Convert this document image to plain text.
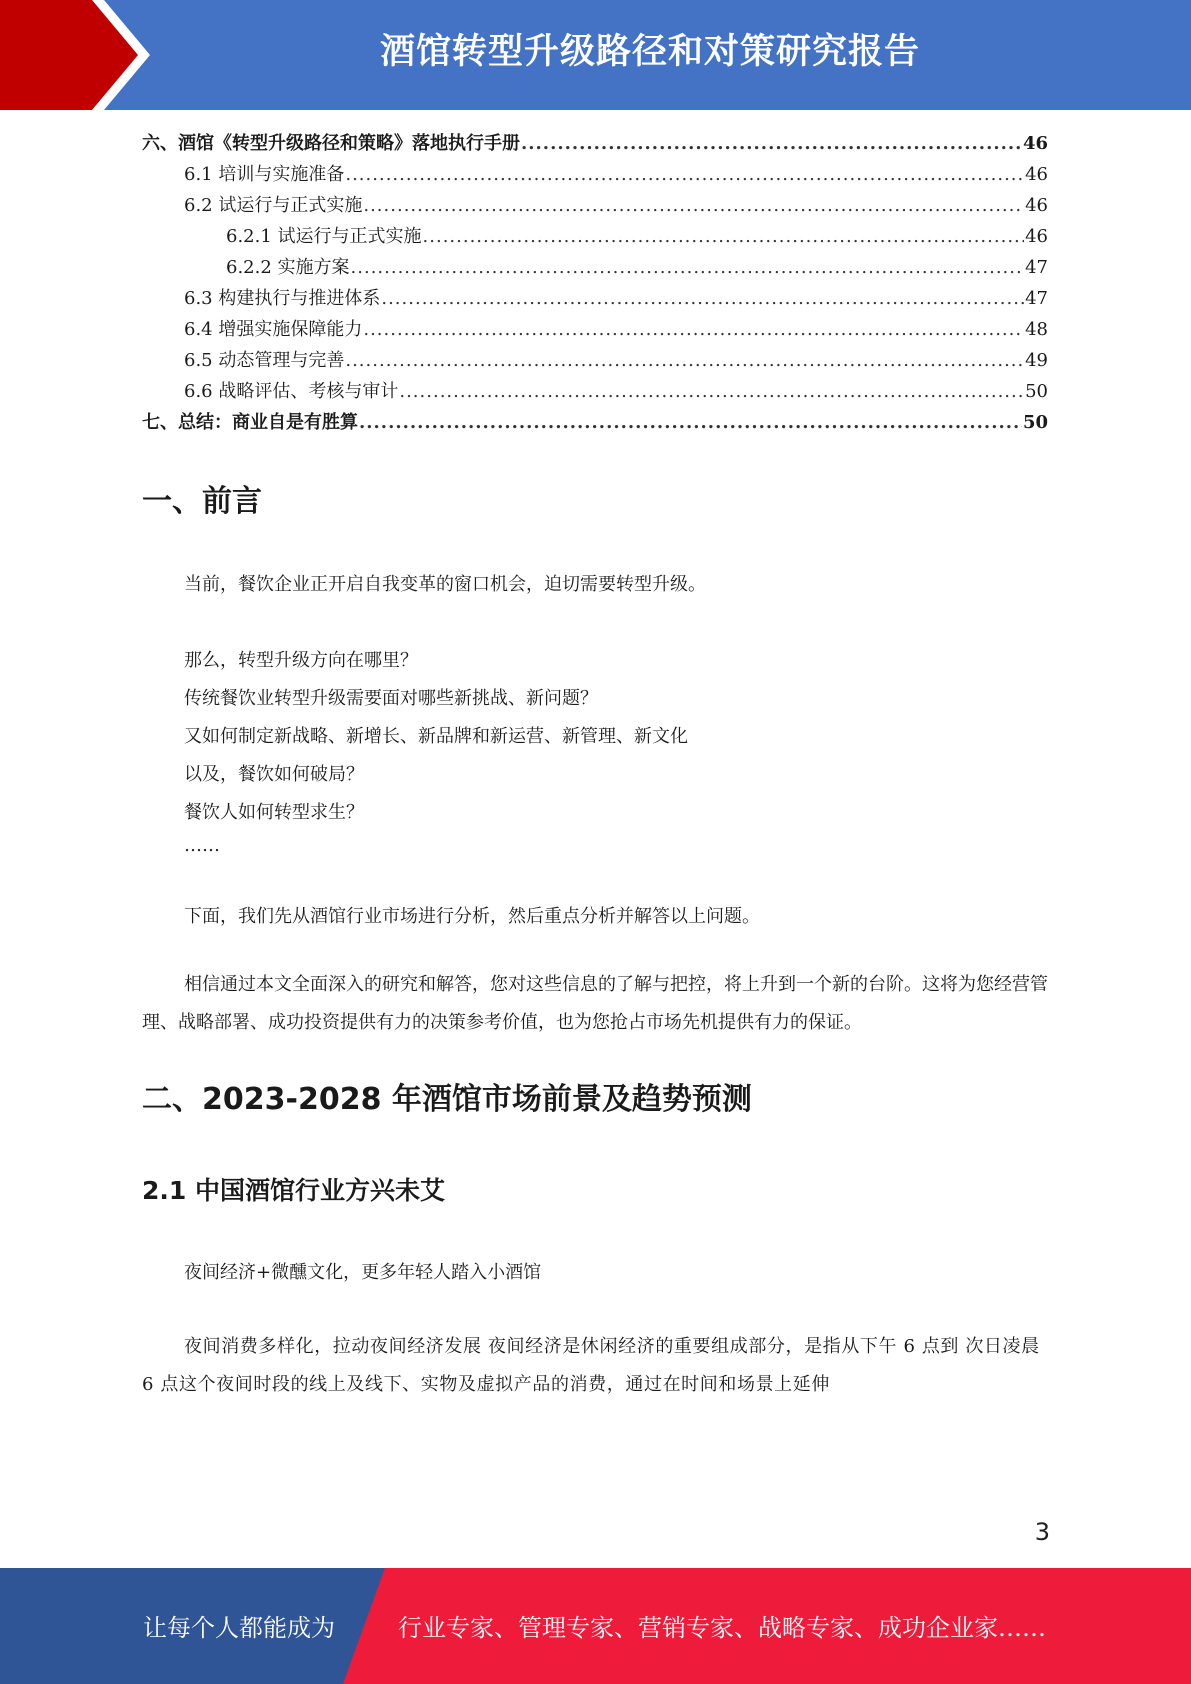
酒馆转型升级路径和对策研究报告
六、酒馆《转型升级路径和策略》落地执行手册 .....	46
6.1 培训与实施准备 .....	46
6.2 试运行与正式实施 .....	46
6.2.1 试运行与正式实施 .....	46
6.2.2 实施方案 .....	47
6.3 构建执行与推进体系 .....	47
6.4 增强实施保障能力 .....	48
6.5 动态管理与完善 .....	49
6.6 战略评估、考核与审计 .....	50
七、总结：商业自是有胜算 .....	50
一、前言

当前，餐饮企业正开启自我变革的窗口机会，迫切需要转型升级。

那么，转型升级方向在哪里？

传统餐饮业转型升级需要面对哪些新挑战、新问题？

又如何制定新战略、新增长、新品牌和新运营、新管理、新文化

以及，餐饮如何破局？

餐饮人如何转型求生？

……

下面，我们先从酒馆行业市场进行分析，然后重点分析并解答以上问题。

相信通过本文全面深入的研究和解答，您对这些信息的了解与把控，将上升到一个新的台阶。这将为您经营管理、战略部署、成功投资提供有力的决策参考价值，也为您抢占市场先机提供有力的保证。

二、2023-2028 年酒馆市场前景及趋势预测
2.1 中国酒馆行业方兴未艾

夜间经济+微醺文化，更多年轻人踏入小酒馆

夜间消费多样化，拉动夜间经济发展 夜间经济是休闲经济的重要组成部分，是指从下午 6 点到 次日凌晨 6 点这个夜间时段的线上及线下、实物及虚拟产品的消费，通过在时间和场景上延伸

3
让每个人都能成为	行业专家、管理专家、营销专家、战略专家、成功企业家……
